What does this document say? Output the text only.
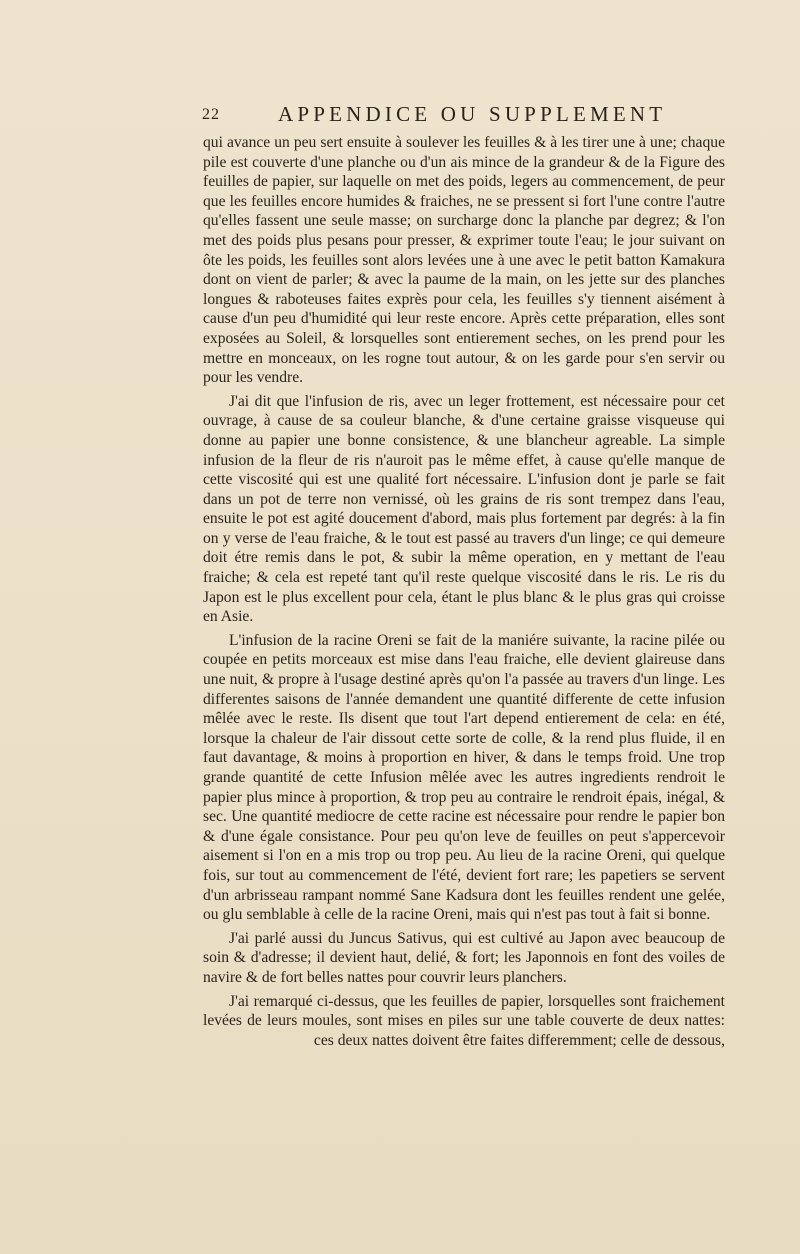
22	APPENDICE OU SUPPLEMENT

qui avance un peu sert ensuite à soulever les feuilles & à les tirer une à une; chaque pile est couverte d'une planche ou d'un ais mince de la grandeur & de la Figure des feuilles de papier, sur laquelle on met des poids, legers au commencement, de peur que les feuilles encore humides & fraiches, ne se pressent si fort l'une contre l'autre qu'elles fassent une seule masse; on surcharge donc la planche par degrez; & l'on met des poids plus pesans pour presser, & exprimer toute l'eau; le jour suivant on ôte les poids, les feuilles sont alors levées une à une avec le petit batton Kamakura dont on vient de parler; & avec la paume de la main, on les jette sur des planches longues & raboteuses faites exprès pour cela, les feuilles s'y tiennent aisément à cause d'un peu d'humidité qui leur reste encore. Après cette préparation, elles sont exposées au Soleil, & lorsquelles sont entierement seches, on les prend pour les mettre en monceaux, on les rogne tout autour, & on les garde pour s'en servir ou pour les vendre.

J'ai dit que l'infusion de ris, avec un leger frottement, est nécessaire pour cet ouvrage, à cause de sa couleur blanche, & d'une certaine graisse visqueuse qui donne au papier une bonne consistence, & une blancheur agreable. La simple infusion de la fleur de ris n'auroit pas le même effet, à cause qu'elle manque de cette viscosité qui est une qualité fort nécessaire. L'infusion dont je parle se fait dans un pot de terre non vernissé, où les grains de ris sont trempez dans l'eau, ensuite le pot est agité doucement d'abord, mais plus fortement par degrés: à la fin on y verse de l'eau fraiche, & le tout est passé au travers d'un linge; ce qui demeure doit étre remis dans le pot, & subir la même operation, en y mettant de l'eau fraiche; & cela est repeté tant qu'il reste quelque viscosité dans le ris. Le ris du Japon est le plus excellent pour cela, étant le plus blanc & le plus gras qui croisse en Asie.

L'infusion de la racine Oreni se fait de la maniére suivante, la racine pilée ou coupée en petits morceaux est mise dans l'eau fraiche, elle devient glaireuse dans une nuit, & propre à l'usage destiné après qu'on l'a passée au travers d'un linge. Les differentes saisons de l'année demandent une quantité differente de cette infusion mêlée avec le reste. Ils disent que tout l'art depend entierement de cela: en été, lorsque la chaleur de l'air dissout cette sorte de colle, & la rend plus fluide, il en faut davantage, & moins à proportion en hiver, & dans le temps froid. Une trop grande quantité de cette Infusion mêlée avec les autres ingredients rendroit le papier plus mince à proportion, & trop peu au contraire le rendroit épais, inégal, & sec. Une quantité mediocre de cette racine est nécessaire pour rendre le papier bon & d'une égale consistance. Pour peu qu'on leve de feuilles on peut s'appercevoir aisement si l'on en a mis trop ou trop peu. Au lieu de la racine Oreni, qui quelque fois, sur tout au commencement de l'été, devient fort rare; les papetiers se servent d'un arbrisseau rampant nommé Sane Kadsura dont les feuilles rendent une gelée, ou glu semblable à celle de la racine Oreni, mais qui n'est pas tout à fait si bonne.

J'ai parlé aussi du Juncus Sativus, qui est cultivé au Japon avec beaucoup de soin & d'adresse; il devient haut, delié, & fort; les Japonnois en font des voiles de navire & de fort belles nattes pour couvrir leurs planchers.

J'ai remarqué ci-dessus, que les feuilles de papier, lorsquelles sont fraichement levées de leurs moules, sont mises en piles sur une table couverte de deux nattes: ces deux nattes doivent être faites differemment; celle de dessous,
